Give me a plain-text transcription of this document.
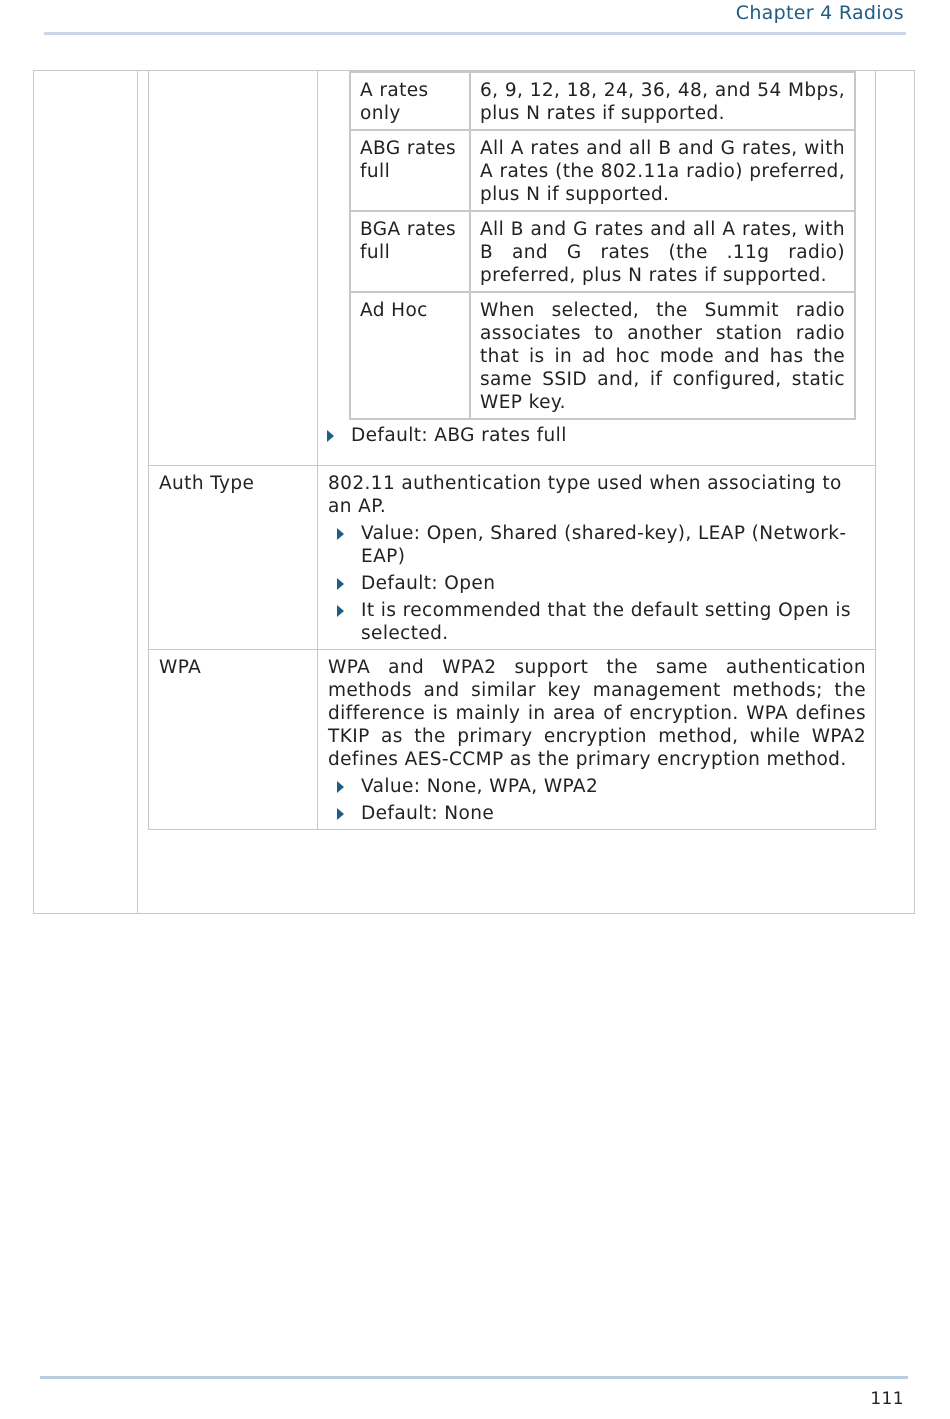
Chapter 4 Radios

A rates only	6, 9, 12, 18, 24, 36, 48, and 54 Mbps, plus N rates if supported.
ABG rates full	All A rates and all B and G rates, with A rates (the 802.11a radio) preferred, plus N if supported.
BGA rates full	All B and G rates and all A rates, with B and G rates (the .11g radio) preferred, plus N rates if supported.
Ad Hoc	When selected, the Summit radio associates to another station radio that is in ad hoc mode and has the same SSID and, if configured, static WEP key.
Default: ABG rates full

Auth Type	802.11 authentication type used when associating to an AP.

Value: Open, Shared (shared-key), LEAP (Network-EAP)
Default: Open
It is recommended that the default setting Open is selected.

WPA	WPA and WPA2 support the same authentication methods and similar key management methods; the difference is mainly in area of encryption. WPA defines TKIP as the primary encryption method, while WPA2 defines AES-CCMP as the primary encryption method.

Value: None, WPA, WPA2
Default: None
111
